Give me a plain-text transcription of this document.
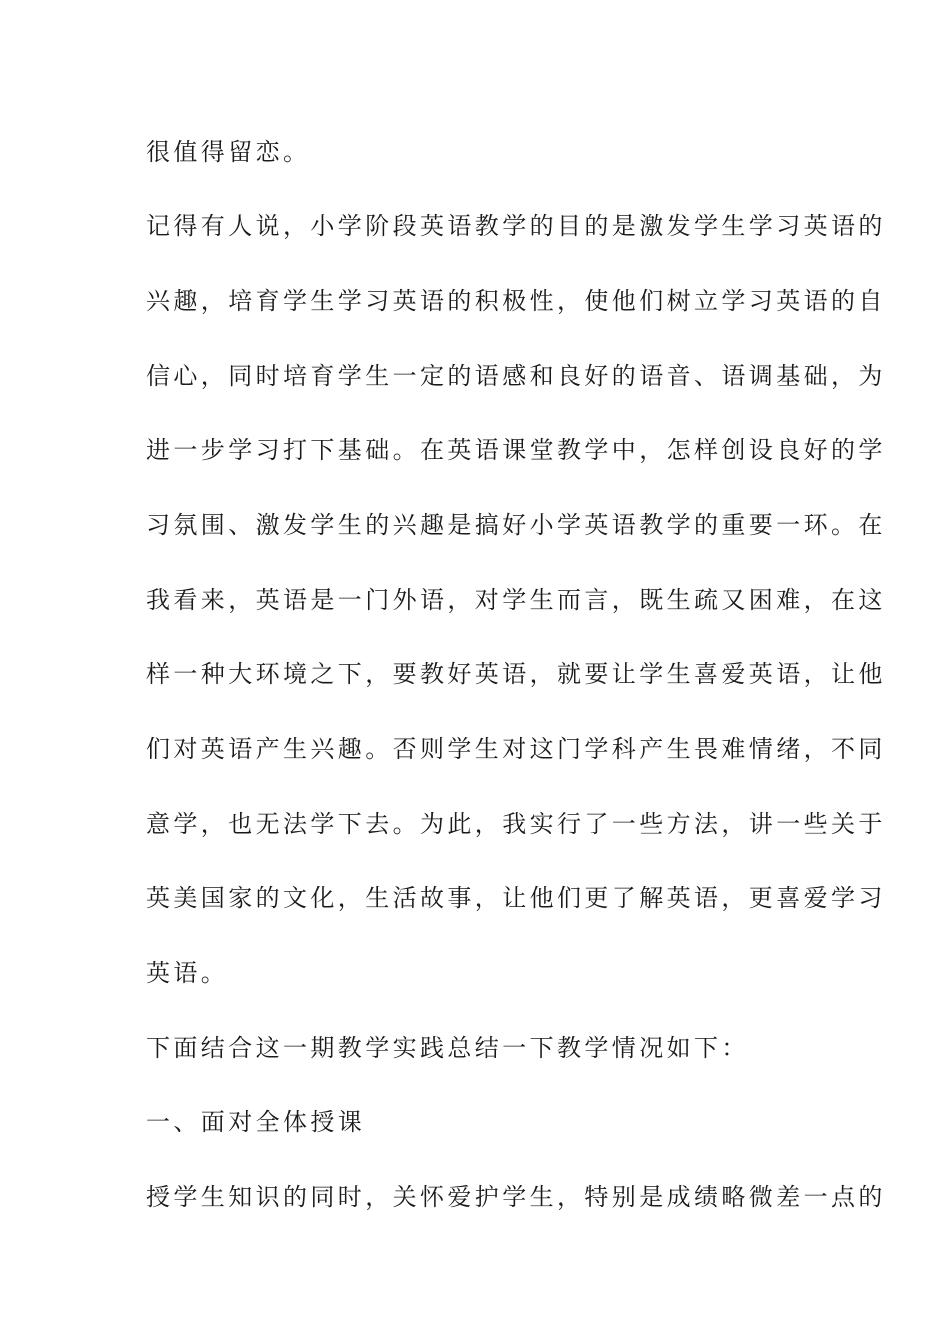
很值得留恋。
记得有人说，小学阶段英语教学的目的是激发学生学习英语的
兴趣，培育学生学习英语的积极性，使他们树立学习英语的自
信心，同时培育学生一定的语感和良好的语音、语调基础，为
进一步学习打下基础。在英语课堂教学中，怎样创设良好的学
习氛围、激发学生的兴趣是搞好小学英语教学的重要一环。在
我看来，英语是一门外语，对学生而言，既生疏又困难，在这
样一种大环境之下，要教好英语，就要让学生喜爱英语，让他
们对英语产生兴趣。否则学生对这门学科产生畏难情绪，不同
意学，也无法学下去。为此，我实行了一些方法，讲一些关于
英美国家的文化，生活故事，让他们更了解英语，更喜爱学习
英语。
下面结合这一期教学实践总结一下教学情况如下：
一、面对全体授课
授学生知识的同时，关怀爱护学生，特别是成绩略微差一点的
